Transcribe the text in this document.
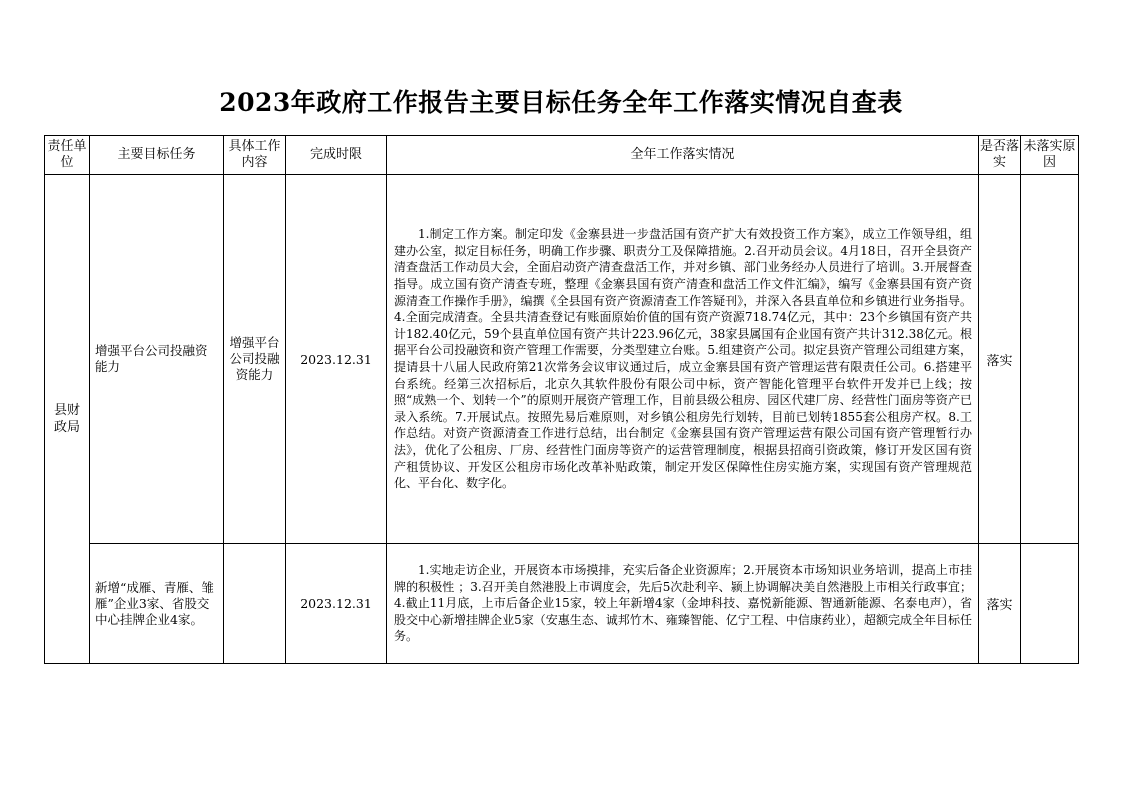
2023年政府工作报告主要目标任务全年工作落实情况自查表
责任单位	主要目标任务	具体工作内容	完成时限	全年工作落实情况	是否落实	未落实原因
县财政局	增强平台公司投融资能力	增强平台公司投融资能力	2023.12.31	1.制定工作方案。制定印发《金寨县进一步盘活国有资产扩大有效投资工作方案》，成立工作领导组，组建办公室，拟定目标任务，明确工作步骤、职责分工及保障措施。2.召开动员会议。4月18日，召开全县资产清查盘活工作动员大会，全面启动资产清查盘活工作，并对乡镇、部门业务经办人员进行了培训。3.开展督查指导。成立国有资产清查专班，整理《金寨县国有资产清查和盘活工作文件汇编》，编写《金寨县国有资产资源清查工作操作手册》，编撰《全县国有资产资源清查工作答疑刊》，并深入各县直单位和乡镇进行业务指导。4.全面完成清查。全县共清查登记有账面原始价值的国有资产资源718.74亿元，其中：23个乡镇国有资产共计182.40亿元，59个县直单位国有资产共计223.96亿元，38家县属国有企业国有资产共计312.38亿元。根据平台公司投融资和资产管理工作需要，分类型建立台账。5.组建资产公司。拟定县资产管理公司组建方案，提请县十八届人民政府第21次常务会议审议通过后，成立金寨县国有资产管理运营有限责任公司。6.搭建平台系统。经第三次招标后，北京久其软件股份有限公司中标，资产智能化管理平台软件开发并已上线；按照“成熟一个、划转一个”的原则开展资产管理工作，目前县级公租房、园区代建厂房、经营性门面房等资产已录入系统。7.开展试点。按照先易后难原则，对乡镇公租房先行划转，目前已划转1855套公租房产权。8.工作总结。对资产资源清查工作进行总结，出台制定《金寨县国有资产管理运营有限公司国有资产管理暂行办法》，优化了公租房、厂房、经营性门面房等资产的运营管理制度，根据县招商引资政策，修订开发区国有资产租赁协议、开发区公租房市场化改革补贴政策，制定开发区保障性住房实施方案，实现国有资产管理规范化、平台化、数字化。	落实	
	新增“成雁、青雁、雏雁”企业3家、省股交中心挂牌企业4家。		2023.12.31	1.实地走访企业，开展资本市场摸排，充实后备企业资源库；2.开展资本市场知识业务培训，提高上市挂牌的积极性 ；3.召开美自然港股上市调度会，先后5次赴利辛、颍上协调解决美自然港股上市相关行政事宜；4.截止11月底，上市后备企业15家，较上年新增4家（金坤科技、嘉悦新能源、智通新能源、名泰电声），省股交中心新增挂牌企业5家（安惠生态、诚邦竹木、雍臻智能、亿宁工程、中信康药业），超额完成全年目标任务。	落实	
